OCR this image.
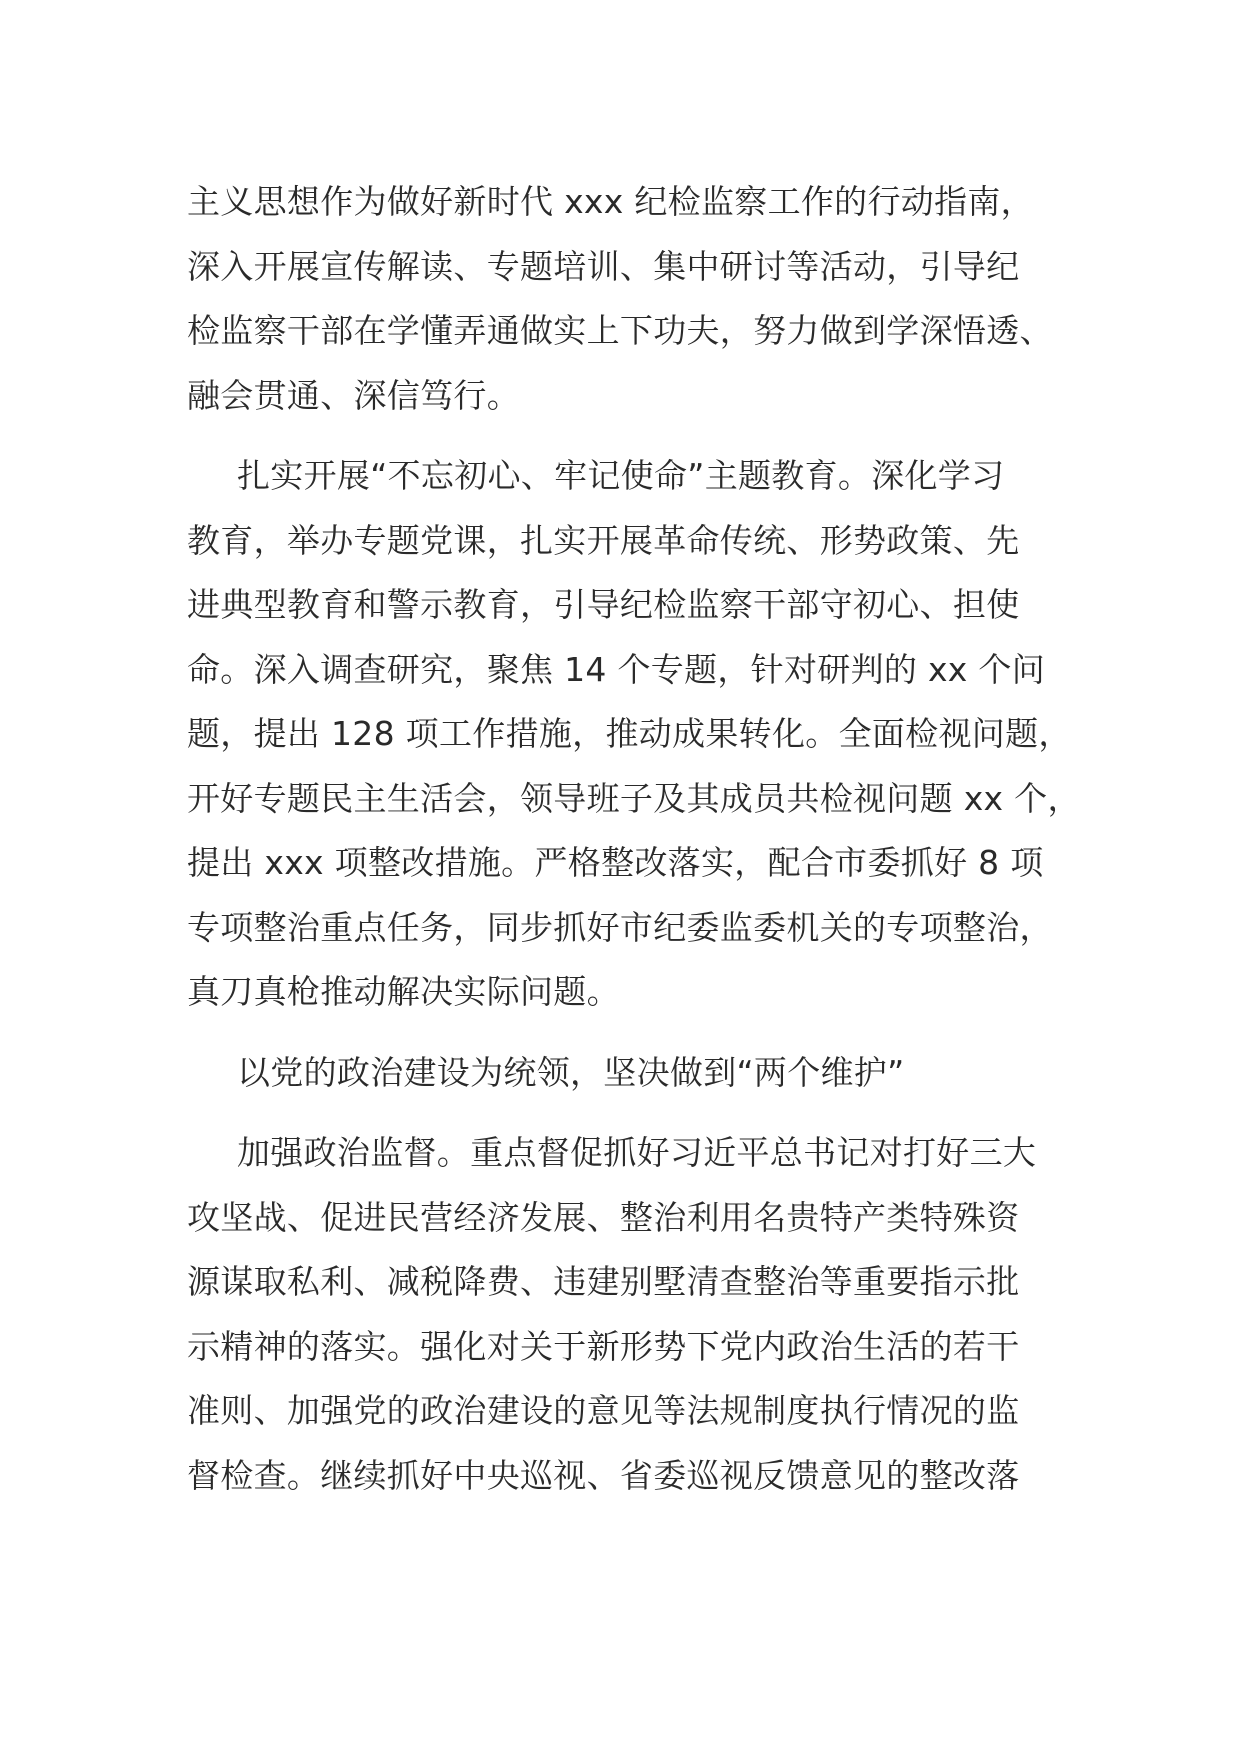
主义思想作为做好新时代 xxx 纪检监察工作的行动指南，
深入开展宣传解读、专题培训、集中研讨等活动，引导纪
检监察干部在学懂弄通做实上下功夫，努力做到学深悟透、
融会贯通、深信笃行。
扎实开展“不忘初心、牢记使命”主题教育。深化学习
教育，举办专题党课，扎实开展革命传统、形势政策、先
进典型教育和警示教育，引导纪检监察干部守初心、担使
命。深入调查研究，聚焦 14 个专题，针对研判的 xx 个问
题，提出 128 项工作措施，推动成果转化。全面检视问题，
开好专题民主生活会，领导班子及其成员共检视问题 xx 个，
提出 xxx 项整改措施。严格整改落实，配合市委抓好 8 项
专项整治重点任务，同步抓好市纪委监委机关的专项整治，
真刀真枪推动解决实际问题。
以党的政治建设为统领，坚决做到“两个维护”
加强政治监督。重点督促抓好习近平总书记对打好三大
攻坚战、促进民营经济发展、整治利用名贵特产类特殊资
源谋取私利、减税降费、违建别墅清查整治等重要指示批
示精神的落实。强化对关于新形势下党内政治生活的若干
准则、加强党的政治建设的意见等法规制度执行情况的监
督检查。继续抓好中央巡视、省委巡视反馈意见的整改落
